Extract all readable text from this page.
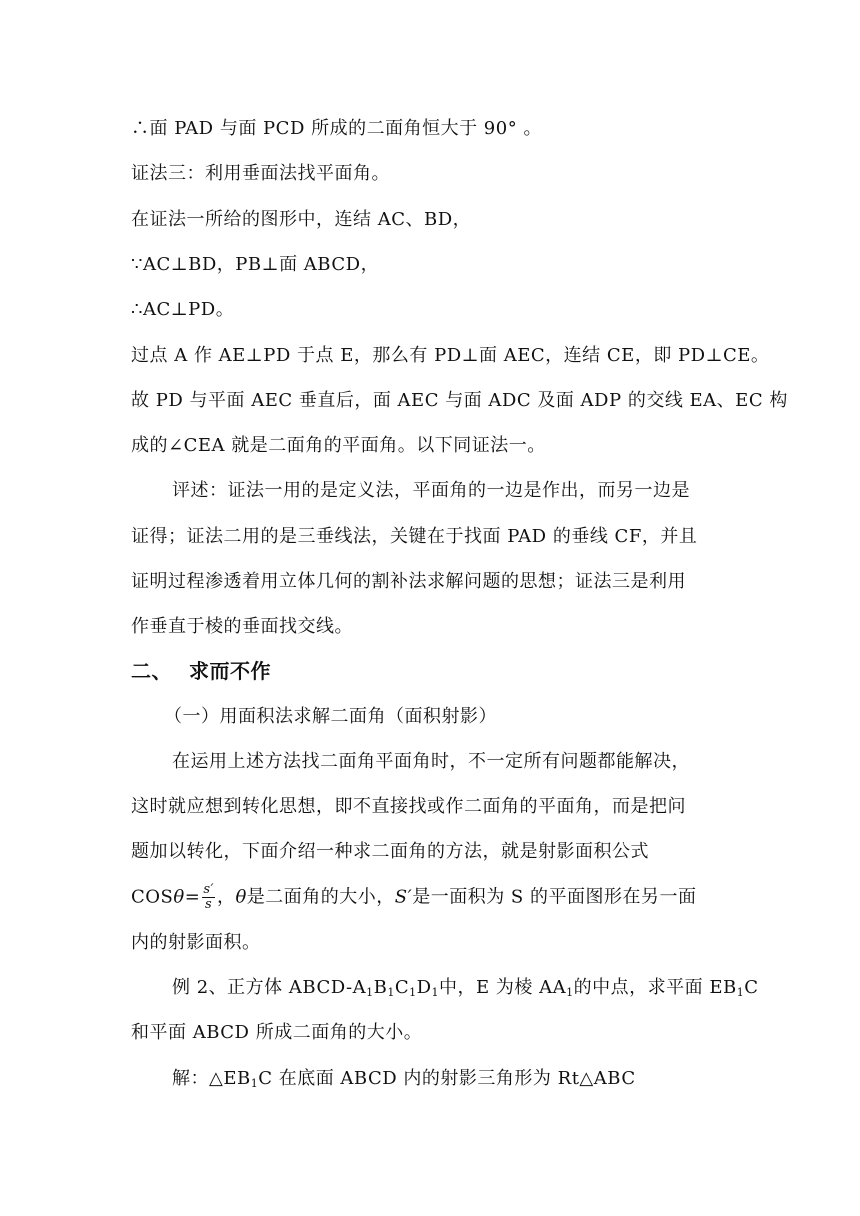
∴面 PAD 与面 PCD 所成的二面角恒大于 90° 。
证法三：利用垂面法找平面角。
在证法一所给的图形中，连结 AC、BD，
∵AC⊥BD，PB⊥面 ABCD，
∴AC⊥PD。
过点 A 作 AE⊥PD 于点 E，那么有 PD⊥面 AEC，连结 CE，即 PD⊥CE。
故 PD 与平面 AEC 垂直后，面 AEC 与面 ADC 及面 ADP 的交线 EA、EC 构
成的∠CEA 就是二面角的平面角。以下同证法一。
评述：证法一用的是定义法，平面角的一边是作出，而另一边是
证得；证法二用的是三垂线法，关键在于找面 PAD 的垂线 CF，并且
证明过程渗透着用立体几何的割补法求解问题的思想；证法三是利用
作垂直于棱的垂面找交线。
二、 求而不作
（一）用面积法求解二面角（面积射影）
在运用上述方法找二面角平面角时，不一定所有问题都能解决，
这时就应想到转化思想，即不直接找或作二面角的平面角，而是把问
题加以转化，下面介绍一种求二面角的方法，就是射影面积公式
$COS\theta= \frac{s'}{s}$ ，θ是二面角的大小，S′是一面积为 S 的平面图形在另一面
内的射影面积。
例 2、正方体 ABCD-$A_1B_1C_1D_1$中，E 为棱 $AA_1$的中点，求平面 $EB_1C$
和平面 ABCD 所成二面角的大小。
解：$\triangle EB_1C$ 在底面 ABCD 内的射影三角形为 Rt△ABC
